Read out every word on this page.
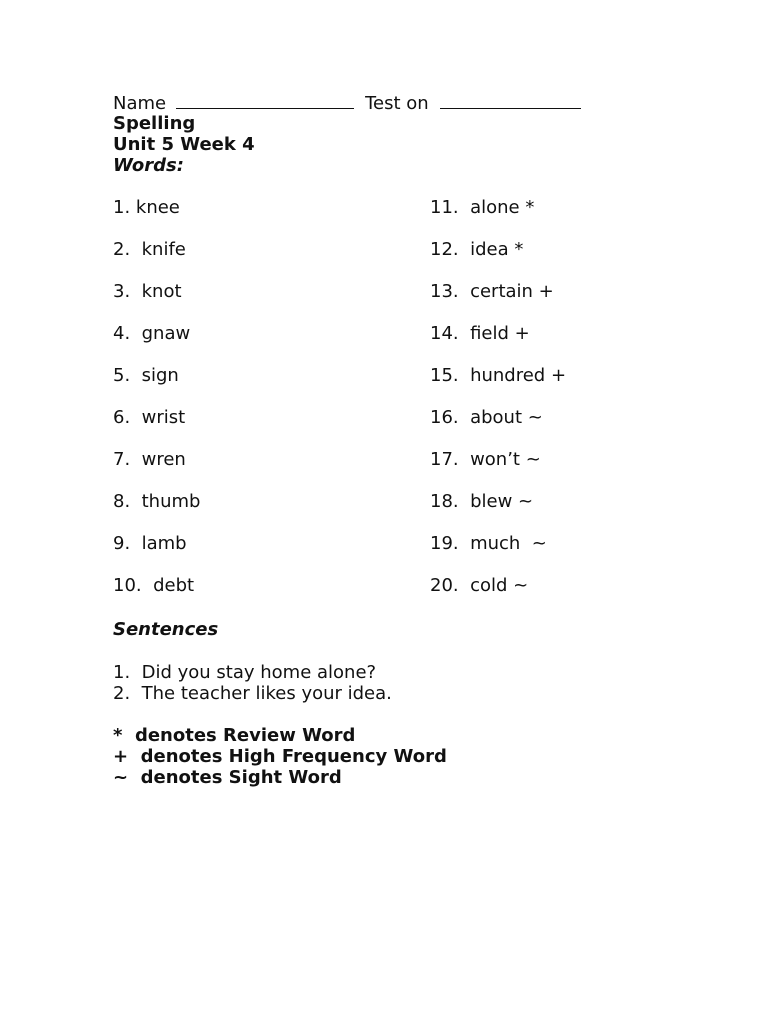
Name	Test on
Spelling
Unit 5 Week 4
Words:
1. knee	11.  alone *
2.  knife	12.  idea *
3.  knot	13.  certain +
4.  gnaw	14.  field +
5.  sign	15.  hundred +
6.  wrist	16.  about ~
7.  wren	17.  won’t ~
8.  thumb	18.  blew ~
9.  lamb	19.  much  ~
10.  debt	20.  cold ~
Sentences
1.  Did you stay home alone?
2.  The teacher likes your idea.
*  denotes Review Word
+  denotes High Frequency Word
~  denotes Sight Word
